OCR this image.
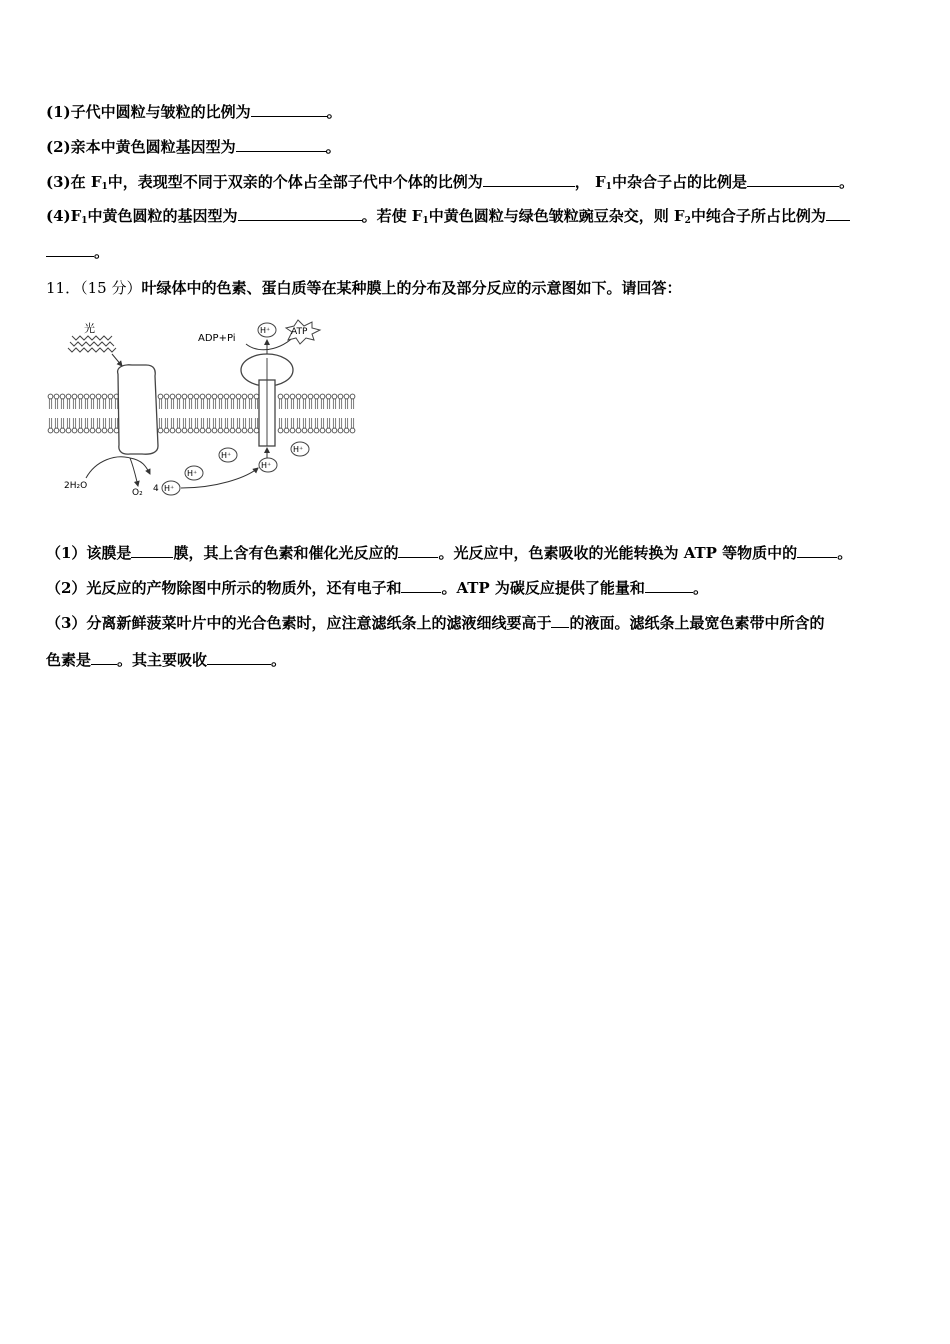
(1)子代中圆粒与皱粒的比例为	。
(2)亲本中黄色圆粒基因型为	。
(3)在 $F_1$中，表现型不同于双亲的个体占全部子代中个体的比例为	， $F_1$中杂合子占的比例是	。
$(4)F_1$中黄色圆粒的基因型为	。若使 $F_1$中黄色圆粒与绿色皱粒豌豆杂交，则 $F_2$中纯合子所占比例为
。
11．（15 分）叶绿体中的色素、蛋白质等在某种膜上的分布及部分反应的示意图如下。请回答：
光
ADP+Pi
ATP
H⁺
H⁺
H⁺
H⁺
H⁺
H⁺
4
2H₂O
O₂
（1）该膜是	膜，其上含有色素和催化光反应的	。光反应中，色素吸收的光能转换为 ATP 等物质中的	。
（2）光反应的产物除图中所示的物质外，还有电子和	。ATP 为碳反应提供了能量和	。
（3）分离新鲜菠菜叶片中的光合色素时，应注意滤纸条上的滤液细线要高于 的液面。滤纸条上最宽色素带中所含的
色素是 。其主要吸收	。
